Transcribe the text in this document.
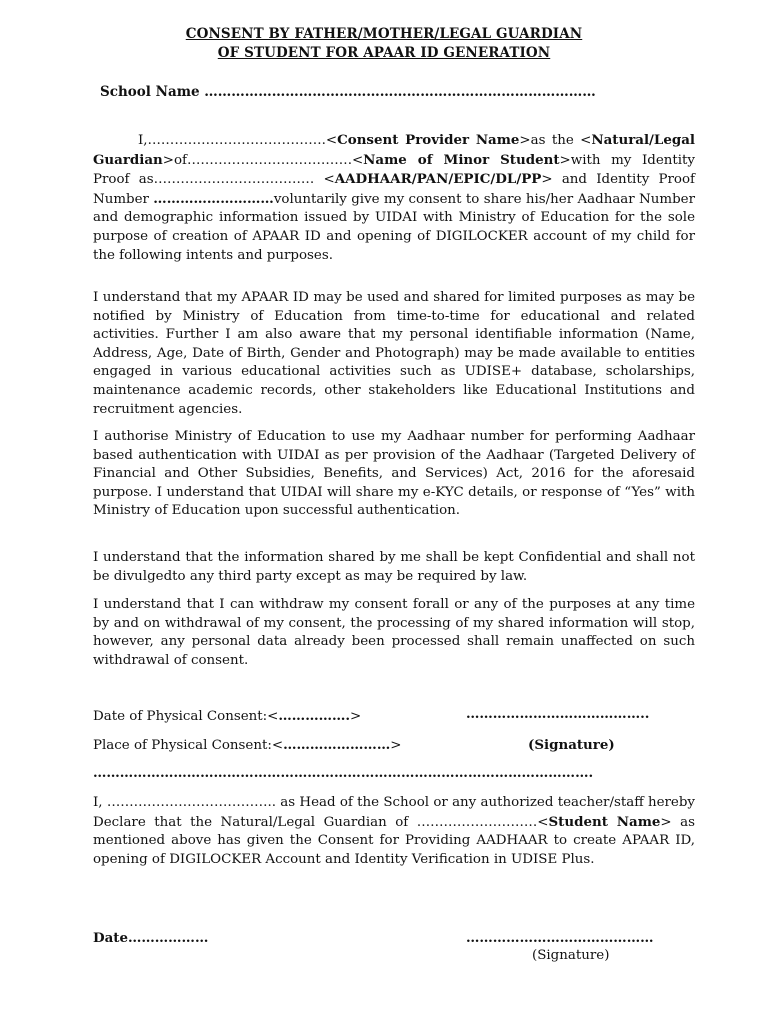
CONSENT BY FATHER/MOTHER/LEGAL GUARDIAN
OF STUDENT FOR APAAR ID GENERATION
School Name ……………………………………………………………………………
I,………………………………….<Consent Provider Name>as the <Natural/Legal Guardian>of……………………………….<Name of Minor Student>with my Identity Proof as……………………………… <AADHAAR/PAN/EPIC/DL/PP> and Identity Proof Number ………………………voluntarily give my consent to share his/her Aadhaar Number and demographic information issued by UIDAI with Ministry of Education for the sole purpose of creation of APAAR ID and opening of DIGILOCKER account of my child for the following intents and purposes.
I understand that my APAAR ID may be used and shared for limited purposes as may be notified by Ministry of Education from time-to-time for educational and related activities. Further I am also aware that my personal identifiable information (Name, Address, Age, Date of Birth, Gender and Photograph) may be made available to entities engaged in various educational activities such as UDISE+ database, scholarships, maintenance academic records, other stakeholders like Educational Institutions and recruitment agencies.
I authorise Ministry of Education to use my Aadhaar number for performing Aadhaar based authentication with UIDAI as per provision of the Aadhaar (Targeted Delivery of Financial and Other Subsidies, Benefits, and Services) Act, 2016 for the aforesaid purpose. I understand that UIDAI will share my e-KYC details, or response of “Yes” with Ministry of Education upon successful authentication.
I understand that the information shared by me shall be kept Confidential and shall not be divulgedto any third party except as may be required by law.
I understand that I can withdraw my consent forall or any of the purposes at any time by and on withdrawal of my consent, the processing of my shared information will stop, however, any personal data already been processed shall remain unaffected on such withdrawal of consent.
Date of Physical Consent:<…………….>	…………………………………..
Place of Physical Consent:<……………………>	(Signature)
………………………………………………………………………………………………….
I, ……………………………….. as Head of the School or any authorized teacher/staff hereby Declare that the Natural/Legal Guardian of ………………………<Student Name> as mentioned above has given the Consent for Providing AADHAAR to create APAAR ID, opening of DIGILOCKER Account and Identity Verification in UDISE Plus.
Date………………	……………………………………
(Signature)
